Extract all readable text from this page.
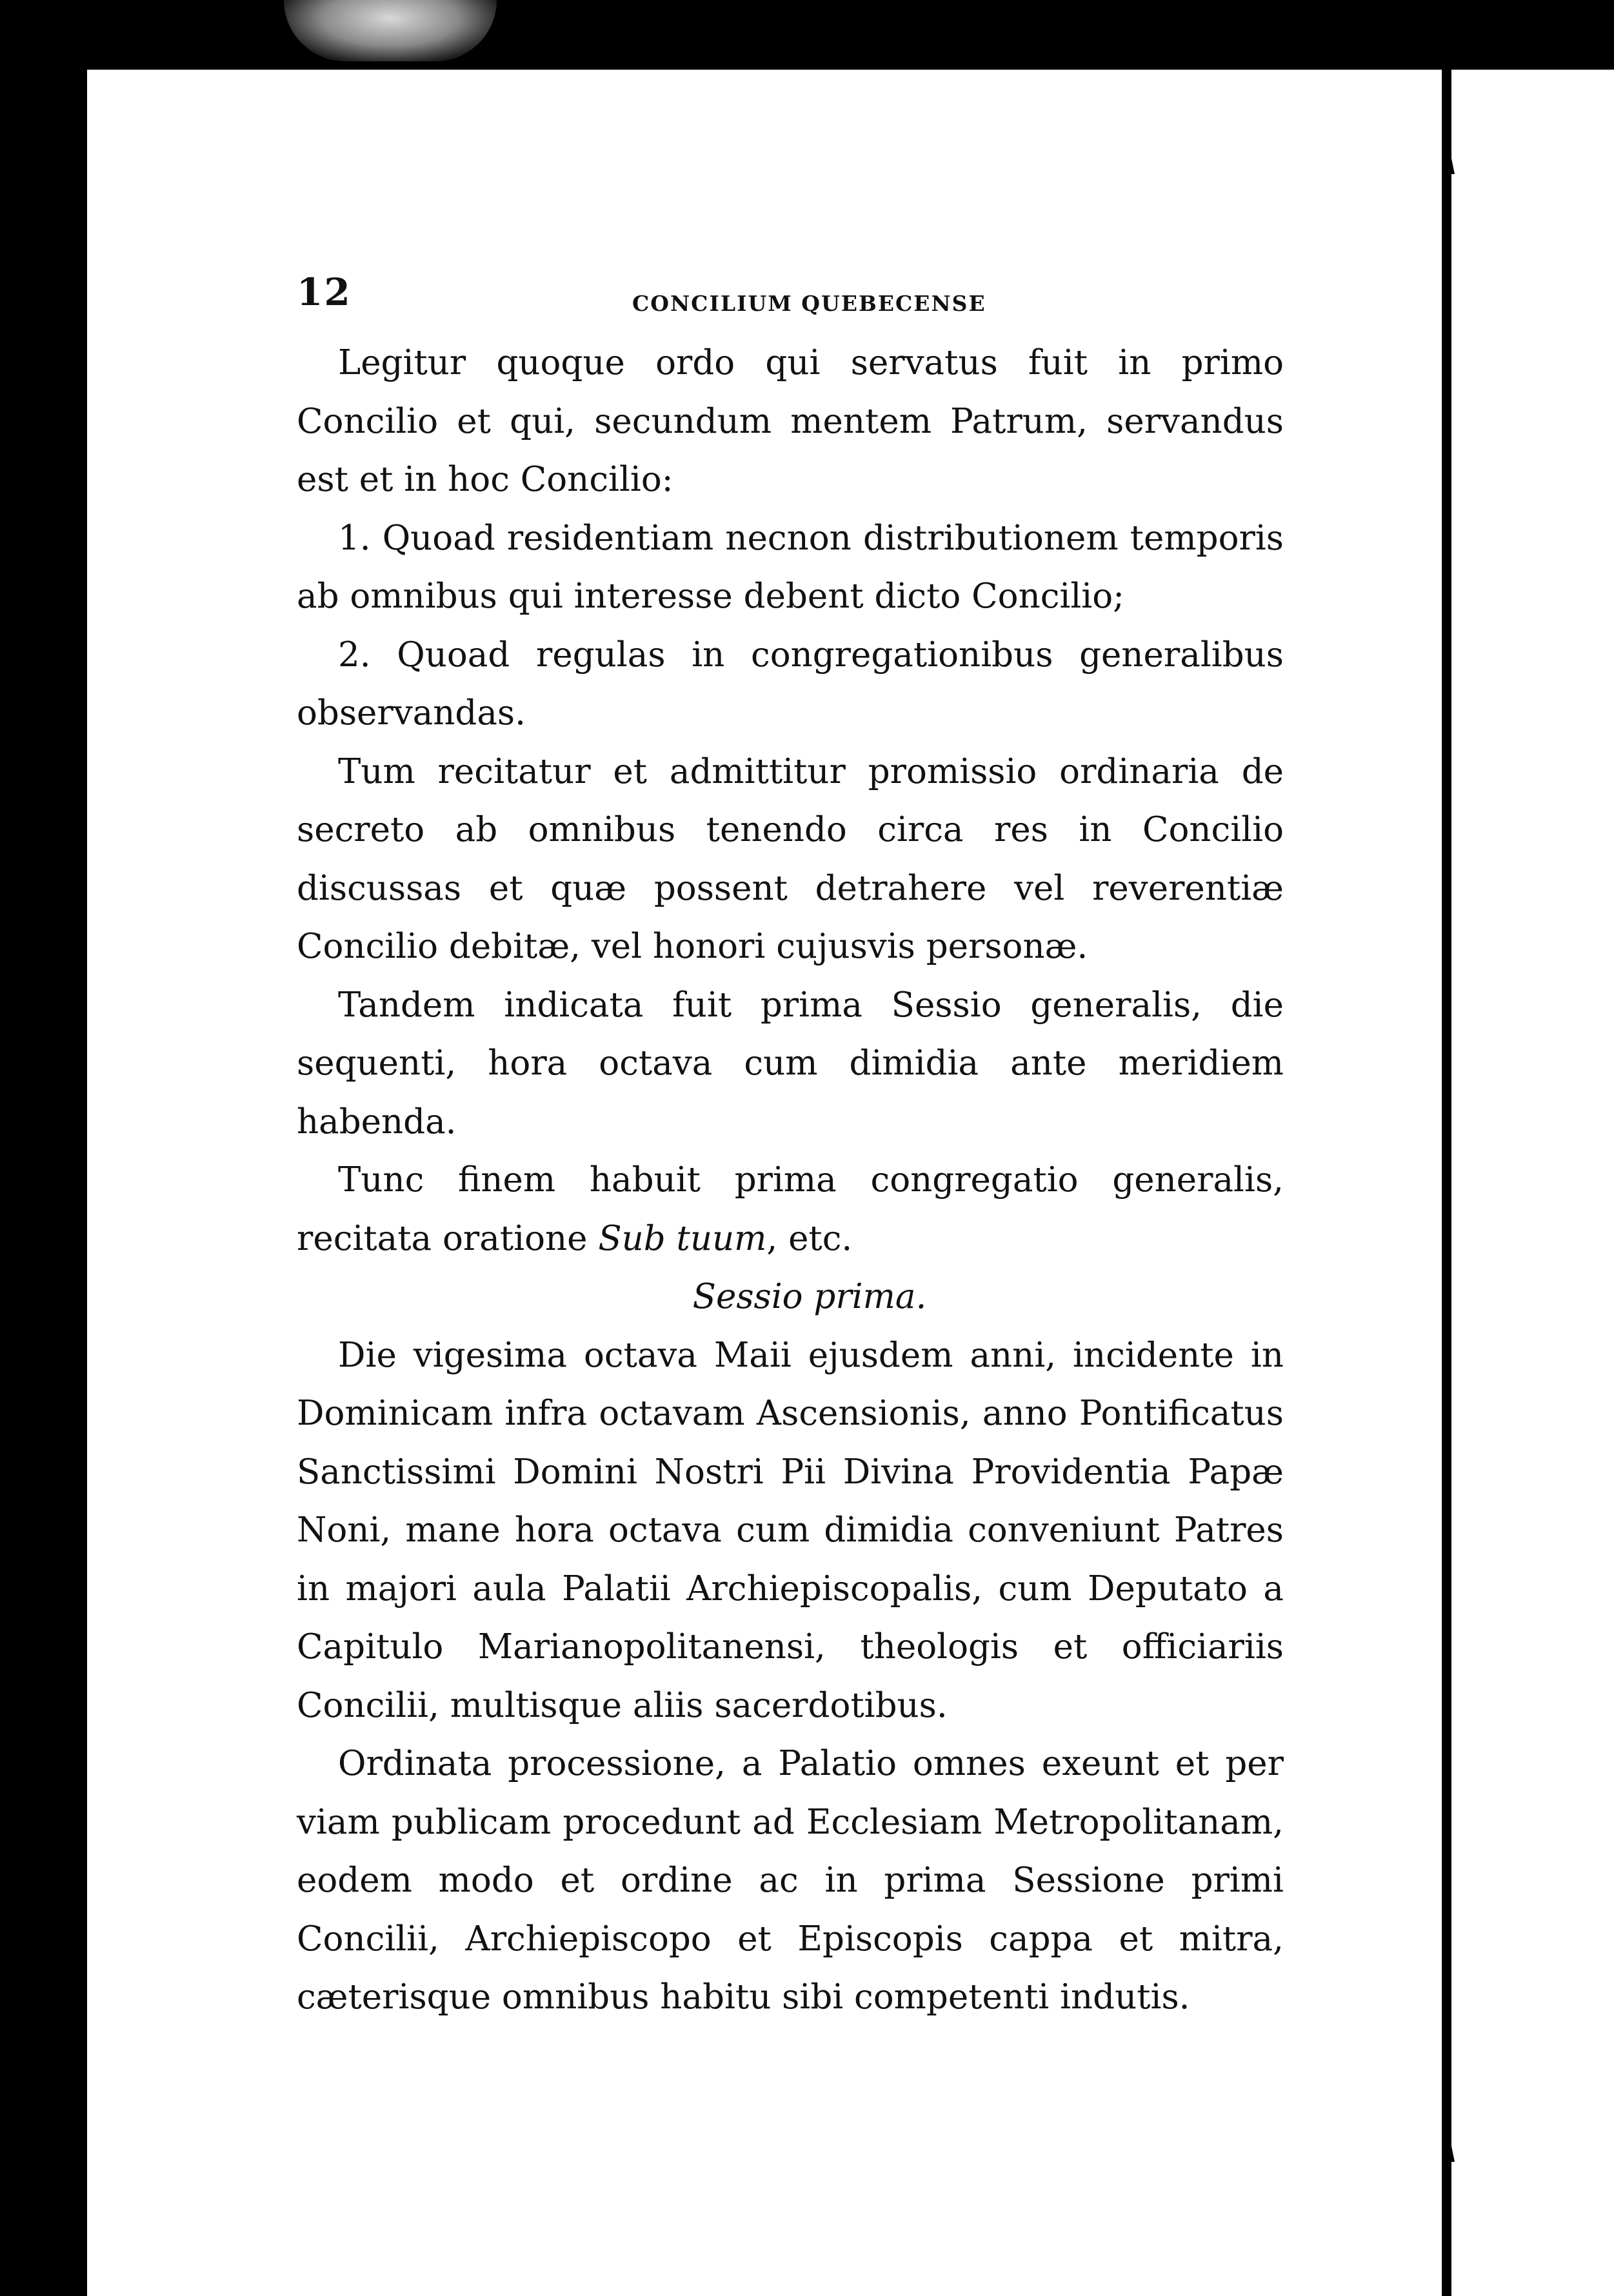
12	CONCILIUM QUEBECENSE

Legitur quoque ordo qui servatus fuit in primo Concilio et qui, secundum mentem Patrum, servandus est et in hoc Concilio:

1. Quoad residentiam necnon distributionem temporis ab omnibus qui interesse debent dicto Concilio;

2. Quoad regulas in congregationibus generalibus observandas.

Tum recitatur et admittitur promissio ordinaria de secreto ab omnibus tenendo circa res in Concilio discussas et quæ possent detrahere vel reverentiæ Concilio debitæ, vel honori cujusvis personæ.

Tandem indicata fuit prima Sessio generalis, die sequenti, hora octava cum dimidia ante meridiem habenda.

Tunc finem habuit prima congregatio generalis, recitata oratione Sub tuum, etc.

Sessio prima.

Die vigesima octava Maii ejusdem anni, incidente in Dominicam infra octavam Ascensionis, anno Pontificatus Sanctissimi Domini Nostri Pii Divina Providentia Papæ Noni, mane hora octava cum dimidia conveniunt Patres in majori aula Palatii Archiepiscopalis, cum Deputato a Capitulo Marianopolitanensi, theologis et officiariis Concilii, multisque aliis sacerdotibus.

Ordinata processione, a Palatio omnes exeunt et per viam publicam procedunt ad Ecclesiam Metropolitanam, eodem modo et ordine ac in prima Sessione primi Concilii, Archiepiscopo et Episcopis cappa et mitra, cæterisque omnibus habitu sibi competenti indutis.
